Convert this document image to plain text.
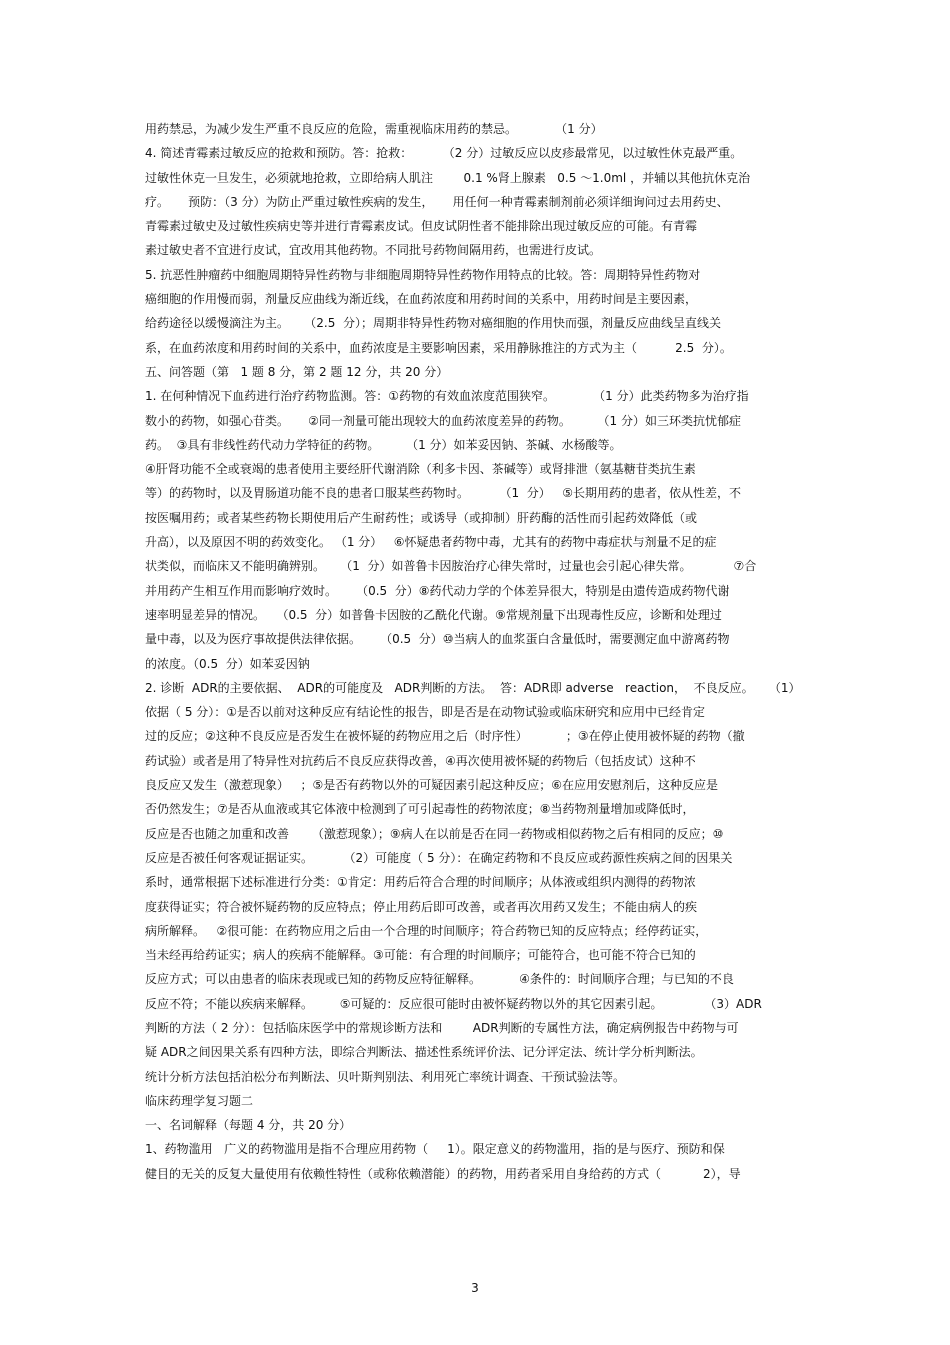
用药禁忌，为减少发生严重不良反应的危险，需重视临床用药的禁忌。          （1 分）
4. 简述青霉素过敏反应的抢救和预防。答：抢救：        （2 分）过敏反应以皮疹最常见，以过敏性休克最严重。
过敏性休克一旦发生，必须就地抢救，立即给病人肌注        0.1 %肾上腺素   0.5 ～1.0ml ，并辅以其他抗休克治
疗。     预防：（3 分）为防止严重过敏性疾病的发生，     用任何一种青霉素制剂前必须详细询问过去用药史、
青霉素过敏史及过敏性疾病史等并进行青霉素皮试。但皮试阴性者不能排除出现过敏反应的可能。有青霉
素过敏史者不宜进行皮试，宜改用其他药物。不同批号药物间隔用药，也需进行皮试。
5. 抗恶性肿瘤药中细胞周期特异性药物与非细胞周期特异性药物作用特点的比较。答：周期特异性药物对
癌细胞的作用慢而弱，剂量反应曲线为渐近线，在血药浓度和用药时间的关系中，用药时间是主要因素，
给药途径以缓慢滴注为主。    （2.5  分）；周期非特异性药物对癌细胞的作用快而强，剂量反应曲线呈直线关
系，在血药浓度和用药时间的关系中，血药浓度是主要影响因素，采用静脉推注的方式为主（          2.5  分）。
五、问答题（第   1 题 8 分，第 2 题 12 分，共 20 分）
1. 在何种情况下血药进行治疗药物监测。答：①药物的有效血浓度范围狭窄。          （1 分）此类药物多为治疗指
数小的药物，如强心苷类。     ②同一剂量可能出现较大的血药浓度差异的药物。       （1 分）如三环类抗忧郁症
药。  ③具有非线性药代动力学特征的药物。       （1 分）如苯妥因钠、茶碱、水杨酸等。
④肝肾功能不全或衰竭的患者使用主要经肝代谢消除（利多卡因、茶碱等）或肾排泄（氨基糖苷类抗生素
等）的药物时，以及胃肠道功能不良的患者口服某些药物时。        （1  分）   ⑤长期用药的患者，依从性差，不
按医嘱用药；或者某些药物长期使用后产生耐药性；或诱导（或抑制）肝药酶的活性而引起药效降低（或
升高），以及原因不明的药效变化。 （1 分）   ⑥怀疑患者药物中毒，尤其有的药物中毒症状与剂量不足的症
状类似，而临床又不能明确辨别。    （1  分）如普鲁卡因胺治疗心律失常时，过量也会引起心律失常。           ⑦合
并用药产生相互作用而影响疗效时。     （0.5  分）⑧药代动力学的个体差异很大，特别是由遗传造成药物代谢
速率明显差异的情况。   （0.5  分）如普鲁卡因胺的乙酰化代谢。⑨常规剂量下出现毒性反应，诊断和处理过
量中毒，以及为医疗事故提供法律依据。     （0.5  分）⑩当病人的血浆蛋白含量低时，需要测定血中游离药物
的浓度。（0.5  分）如苯妥因钠
2. 诊断  ADR的主要依据、  ADR的可能度及   ADR判断的方法。  答：ADR即 adverse   reaction，  不良反应。    （1）
依据（ 5 分）：①是否以前对这种反应有结论性的报告，即是否是在动物试验或临床研究和应用中已经肯定
过的反应；②这种不良反应是否发生在被怀疑的药物应用之后（时序性）          ；③在停止使用被怀疑的药物（撤
药试验）或者是用了特异性对抗药后不良反应获得改善，④再次使用被怀疑的药物后（包括皮试）这种不
良反应又发生（激惹现象）   ；⑤是否有药物以外的可疑因素引起这种反应；⑥在应用安慰剂后，这种反应是
否仍然发生；⑦是否从血液或其它体液中检测到了可引起毒性的药物浓度；⑧当药物剂量增加或降低时，
反应是否也随之加重和改善      （激惹现象）；⑨病人在以前是否在同一药物或相似药物之后有相同的反应；⑩
反应是否被任何客观证据证实。        （2）可能度（ 5 分）：在确定药物和不良反应或药源性疾病之间的因果关
系时，通常根据下述标准进行分类：①肯定：用药后符合合理的时间顺序；从体液或组织内测得的药物浓
度获得证实；符合被怀疑药物的反应特点；停止用药后即可改善，或者再次用药又发生；不能由病人的疾
病所解释。   ②很可能：在药物应用之后由一个合理的时间顺序；符合药物已知的反应特点；经停药证实，
当未经再给药证实；病人的疾病不能解释。③可能：有合理的时间顺序；可能符合，也可能不符合已知的
反应方式；可以由患者的临床表现或已知的药物反应特征解释。          ④条件的：时间顺序合理；与已知的不良
反应不符；不能以疾病来解释。       ⑤可疑的：反应很可能时由被怀疑药物以外的其它因素引起。           （3）ADR
判断的方法（ 2 分）：包括临床医学中的常规诊断方法和        ADR判断的专属性方法，确定病例报告中药物与可
疑 ADR之间因果关系有四种方法，即综合判断法、描述性系统评价法、记分评定法、统计学分析判断法。
统计分析方法包括泊松分布判断法、贝叶斯判别法、利用死亡率统计调查、干预试验法等。
临床药理学复习题二
一、名词解释（每题 4 分，共 20 分）
1、药物滥用   广义的药物滥用是指不合理应用药物（     1）。限定意义的药物滥用，指的是与医疗、预防和保
健目的无关的反复大量使用有依赖性特性（或称依赖潜能）的药物，用药者采用自身给药的方式（           2），导
3
